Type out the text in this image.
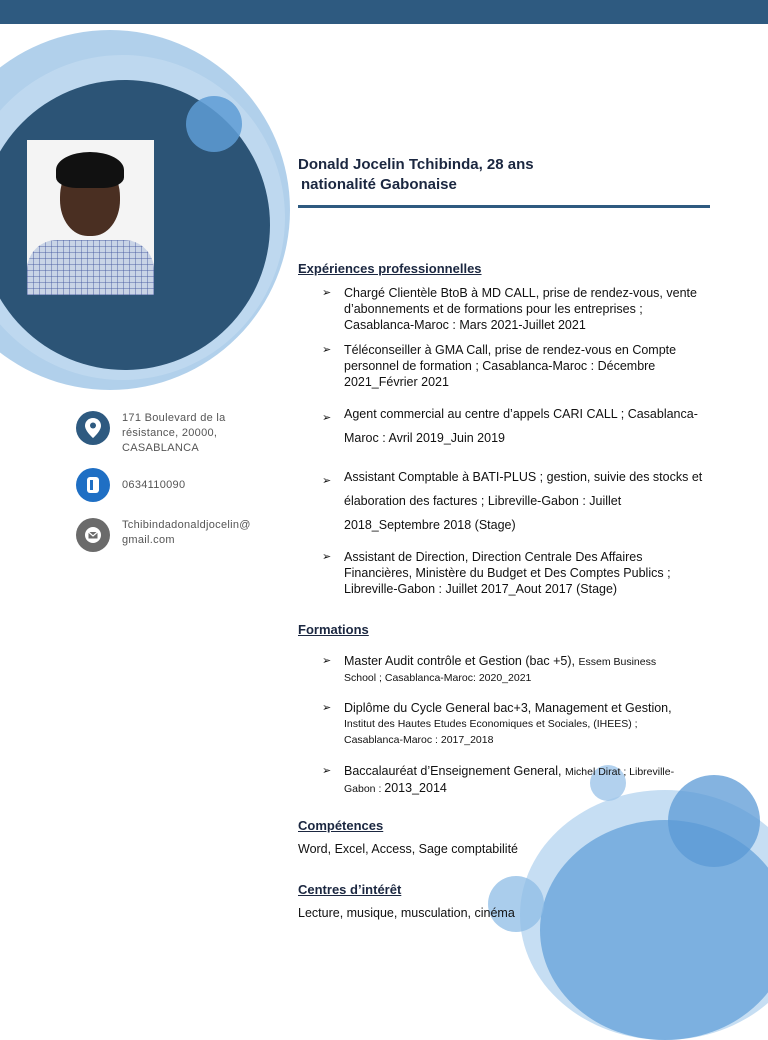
171 Boulevard de la
résistance, 20000,
CASABLANCA
0634110090
Tchibindadonaldjocelin@
gmail.com
Donald Jocelin Tchibinda, 28 ans
nationalité Gabonaise
Expériences professionnelles
➢ Chargé Clientèle BtoB à MD CALL, prise de rendez-vous, vente
d’abonnements et de formations pour les entreprises ;
Casablanca-Maroc : Mars 2021-Juillet 2021
➢ Téléconseiller à GMA Call, prise de rendez-vous en Compte
personnel de formation ; Casablanca-Maroc : Décembre
2021_Février 2021
➢ Agent commercial au centre d’appels CARI CALL ; Casablanca-
Maroc : Avril 2019_Juin 2019
➢ Assistant Comptable à BATI-PLUS ; gestion, suivie des stocks et
élaboration des factures ; Libreville-Gabon : Juillet
2018_Septembre 2018 (Stage)
➢ Assistant de Direction, Direction Centrale Des Affaires
Financières, Ministère du Budget et Des Comptes Publics ;
Libreville-Gabon : Juillet 2017_Aout 2017 (Stage)
Formations
➢ Master Audit contrôle et Gestion (bac +5), Essem Business
School ; Casablanca-Maroc: 2020_2021
➢ Diplôme du Cycle General bac+3, Management et Gestion,
Institut des Hautes Etudes Economiques et Sociales, (IHEES) ;
Casablanca-Maroc : 2017_2018
➢ Baccalauréat d’Enseignement General, Michel Dirat ; Libreville-
Gabon : 2013_2014
Compétences
Word, Excel, Access, Sage comptabilité
Centres d’intérêt
Lecture, musique, musculation, cinéma
